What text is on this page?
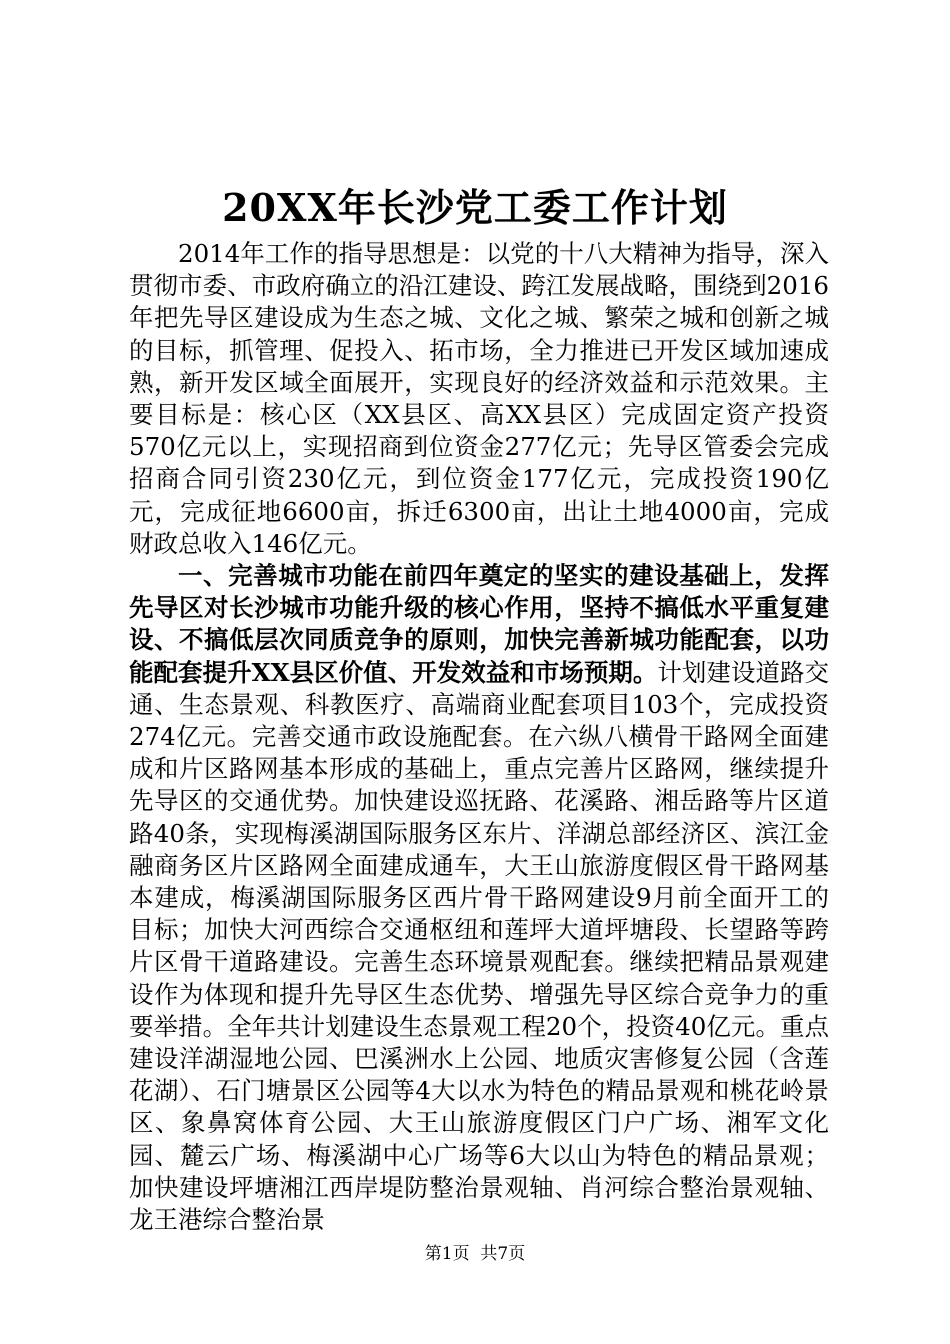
20XX年长沙党工委工作计划

2014年工作的指导思想是：以党的十八大精神为指导，深入贯彻市委、市政府确立的沿江建设、跨江发展战略，围绕到2016年把先导区建设成为生态之城、文化之城、繁荣之城和创新之城的目标，抓管理、促投入、拓市场，全力推进已开发区域加速成熟，新开发区域全面展开，实现良好的经济效益和示范效果。主要目标是：核心区（XX县区、高XX县区）完成固定资产投资570亿元以上，实现招商到位资金277亿元；先导区管委会完成招商合同引资230亿元，到位资金177亿元，完成投资190亿元，完成征地6600亩，拆迁6300亩，出让土地4000亩，完成财政总收入146亿元。

一、完善城市功能在前四年奠定的坚实的建设基础上，发挥先导区对长沙城市功能升级的核心作用，坚持不搞低水平重复建设、不搞低层次同质竞争的原则，加快完善新城功能配套，以功能配套提升XX县区价值、开发效益和市场预期。计划建设道路交通、生态景观、科教医疗、高端商业配套项目103个，完成投资274亿元。完善交通市政设施配套。在六纵八横骨干路网全面建成和片区路网基本形成的基础上，重点完善片区路网，继续提升先导区的交通优势。加快建设巡抚路、花溪路、湘岳路等片区道路40条，实现梅溪湖国际服务区东片、洋湖总部经济区、滨江金融商务区片区路网全面建成通车，大王山旅游度假区骨干路网基本建成，梅溪湖国际服务区西片骨干路网建设9月前全面开工的目标；加快大河西综合交通枢纽和莲坪大道坪塘段、长望路等跨片区骨干道路建设。完善生态环境景观配套。继续把精品景观建设作为体现和提升先导区生态优势、增强先导区综合竞争力的重要举措。全年共计划建设生态景观工程20个，投资40亿元。重点建设洋湖湿地公园、巴溪洲水上公园、地质灾害修复公园（含莲花湖）、石门塘景区公园等4大以水为特色的精品景观和桃花岭景区、象鼻窝体育公园、大王山旅游度假区门户广场、湘军文化园、麓云广场、梅溪湖中心广场等6大以山为特色的精品景观；加快建设坪塘湘江西岸堤防整治景观轴、肖河综合整治景观轴、龙王港综合整治景

第1页 共7页
